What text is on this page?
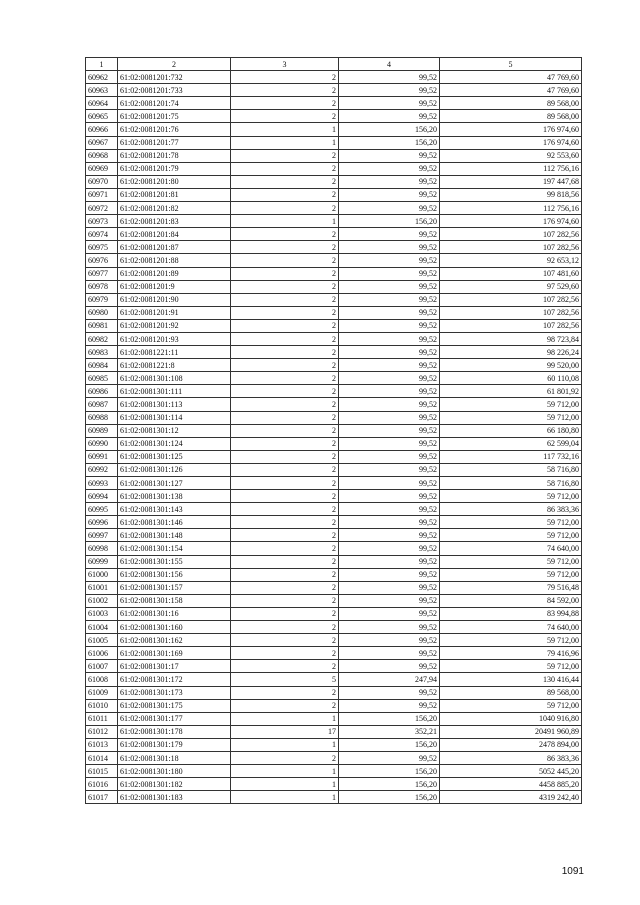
1	2	3	4	5
60962	61:02:0081201:732	2	99,52	47 769,60
60963	61:02:0081201:733	2	99,52	47 769,60
60964	61:02:0081201:74	2	99,52	89 568,00
60965	61:02:0081201:75	2	99,52	89 568,00
60966	61:02:0081201:76	1	156,20	176 974,60
60967	61:02:0081201:77	1	156,20	176 974,60
60968	61:02:0081201:78	2	99,52	92 553,60
60969	61:02:0081201:79	2	99,52	112 756,16
60970	61:02:0081201:80	2	99,52	197 447,68
60971	61:02:0081201:81	2	99,52	99 818,56
60972	61:02:0081201:82	2	99,52	112 756,16
60973	61:02:0081201:83	1	156,20	176 974,60
60974	61:02:0081201:84	2	99,52	107 282,56
60975	61:02:0081201:87	2	99,52	107 282,56
60976	61:02:0081201:88	2	99,52	92 653,12
60977	61:02:0081201:89	2	99,52	107 481,60
60978	61:02:0081201:9	2	99,52	97 529,60
60979	61:02:0081201:90	2	99,52	107 282,56
60980	61:02:0081201:91	2	99,52	107 282,56
60981	61:02:0081201:92	2	99,52	107 282,56
60982	61:02:0081201:93	2	99,52	98 723,84
60983	61:02:0081221:11	2	99,52	98 226,24
60984	61:02:0081221:8	2	99,52	99 520,00
60985	61:02:0081301:108	2	99,52	60 110,08
60986	61:02:0081301:111	2	99,52	61 801,92
60987	61:02:0081301:113	2	99,52	59 712,00
60988	61:02:0081301:114	2	99,52	59 712,00
60989	61:02:0081301:12	2	99,52	66 180,80
60990	61:02:0081301:124	2	99,52	62 599,04
60991	61:02:0081301:125	2	99,52	117 732,16
60992	61:02:0081301:126	2	99,52	58 716,80
60993	61:02:0081301:127	2	99,52	58 716,80
60994	61:02:0081301:138	2	99,52	59 712,00
60995	61:02:0081301:143	2	99,52	86 383,36
60996	61:02:0081301:146	2	99,52	59 712,00
60997	61:02:0081301:148	2	99,52	59 712,00
60998	61:02:0081301:154	2	99,52	74 640,00
60999	61:02:0081301:155	2	99,52	59 712,00
61000	61:02:0081301:156	2	99,52	59 712,00
61001	61:02:0081301:157	2	99,52	79 516,48
61002	61:02:0081301:158	2	99,52	84 592,00
61003	61:02:0081301:16	2	99,52	83 994,88
61004	61:02:0081301:160	2	99,52	74 640,00
61005	61:02:0081301:162	2	99,52	59 712,00
61006	61:02:0081301:169	2	99,52	79 416,96
61007	61:02:0081301:17	2	99,52	59 712,00
61008	61:02:0081301:172	5	247,94	130 416,44
61009	61:02:0081301:173	2	99,52	89 568,00
61010	61:02:0081301:175	2	99,52	59 712,00
61011	61:02:0081301:177	1	156,20	1040 916,80
61012	61:02:0081301:178	17	352,21	20491 960,89
61013	61:02:0081301:179	1	156,20	2478 894,00
61014	61:02:0081301:18	2	99,52	86 383,36
61015	61:02:0081301:180	1	156,20	5052 445,20
61016	61:02:0081301:182	1	156,20	4458 885,20
61017	61:02:0081301:183	1	156,20	4319 242,40
1091
